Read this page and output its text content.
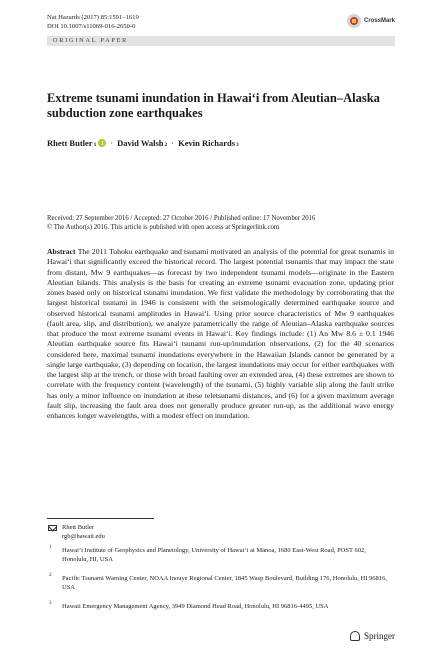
Nat Hazards (2017) 85:1591–1619
DOI 10.1007/s11069-016-2650-0
CrossMark
ORIGINAL PAPER
Extreme tsunami inundation in Hawai‘i from Aleutian–Alaska subduction zone earthquakes
Rhett Butler$_1$ · David Walsh$_2$ · Kevin Richards$_3$
Received: 27 September 2016 / Accepted: 27 October 2016 / Published online: 17 November 2016
© The Author(s) 2016. This article is published with open access at Springerlink.com
Abstract The 2011 Tohoku earthquake and tsunami motivated an analysis of the potential for great tsunamis in Hawai‘i that significantly exceed the historical record. The largest potential tsunamis that may impact the state from distant, Mw 9 earthquakes—as forecast by two independent tsunami models—originate in the Eastern Aleutian Islands. This analysis is the basis for creating an extreme tsunami evacuation zone, updating prior zones based only on historical tsunami inundation. We first validate the methodology by corroborating that the largest historical tsunami in 1946 is consistent with the seismologically determined earthquake source and observed historical tsunami amplitudes in Hawai‘i. Using prior source characteristics of Mw 9 earthquakes (fault area, slip, and distribution), we analyze parametrically the range of Aleutian–Alaska earthquake sources that produce the most extreme tsunami events in Hawai‘i. Key findings include: (1) An Mw 8.6 ± 0.1 1946 Aleutian earthquake source fits Hawai‘i tsunami run-up/inundation observations, (2) for the 40 scenarios considered here, maximal tsunami inundations everywhere in the Hawaiian Islands cannot be generated by a single large earthquake, (3) depending on location, the largest inundations may occur for either earthquakes with the largest slip at the trench, or those with broad faulting over an extended area, (4) these extremes are shown to correlate with the frequency content (wavelength) of the tsunami, (5) highly variable slip along the fault strike has only a minor influence on inundation at these teletsunami distances, and (6) for a given maximum average fault slip, increasing the fault area does not generally produce greater run-up, as the additional wave energy enhances longer wavelengths, with a modest effect on inundation.
Rhett Butler
rgb@hawaii.edu
1 Hawai‘i Institute of Geophysics and Planetology, University of Hawai‘i at Mānoa, 1680 East-West Road, POST 602, Honolulu, HI, USA
2 Pacific Tsunami Warning Center, NOAA Inouye Regional Center, 1845 Wasp Boulevard, Building 176, Honolulu, HI 96816, USA
3 Hawaii Emergency Management Agency, 3949 Diamond Head Road, Honolulu, HI 96816-4495, USA
Springer
